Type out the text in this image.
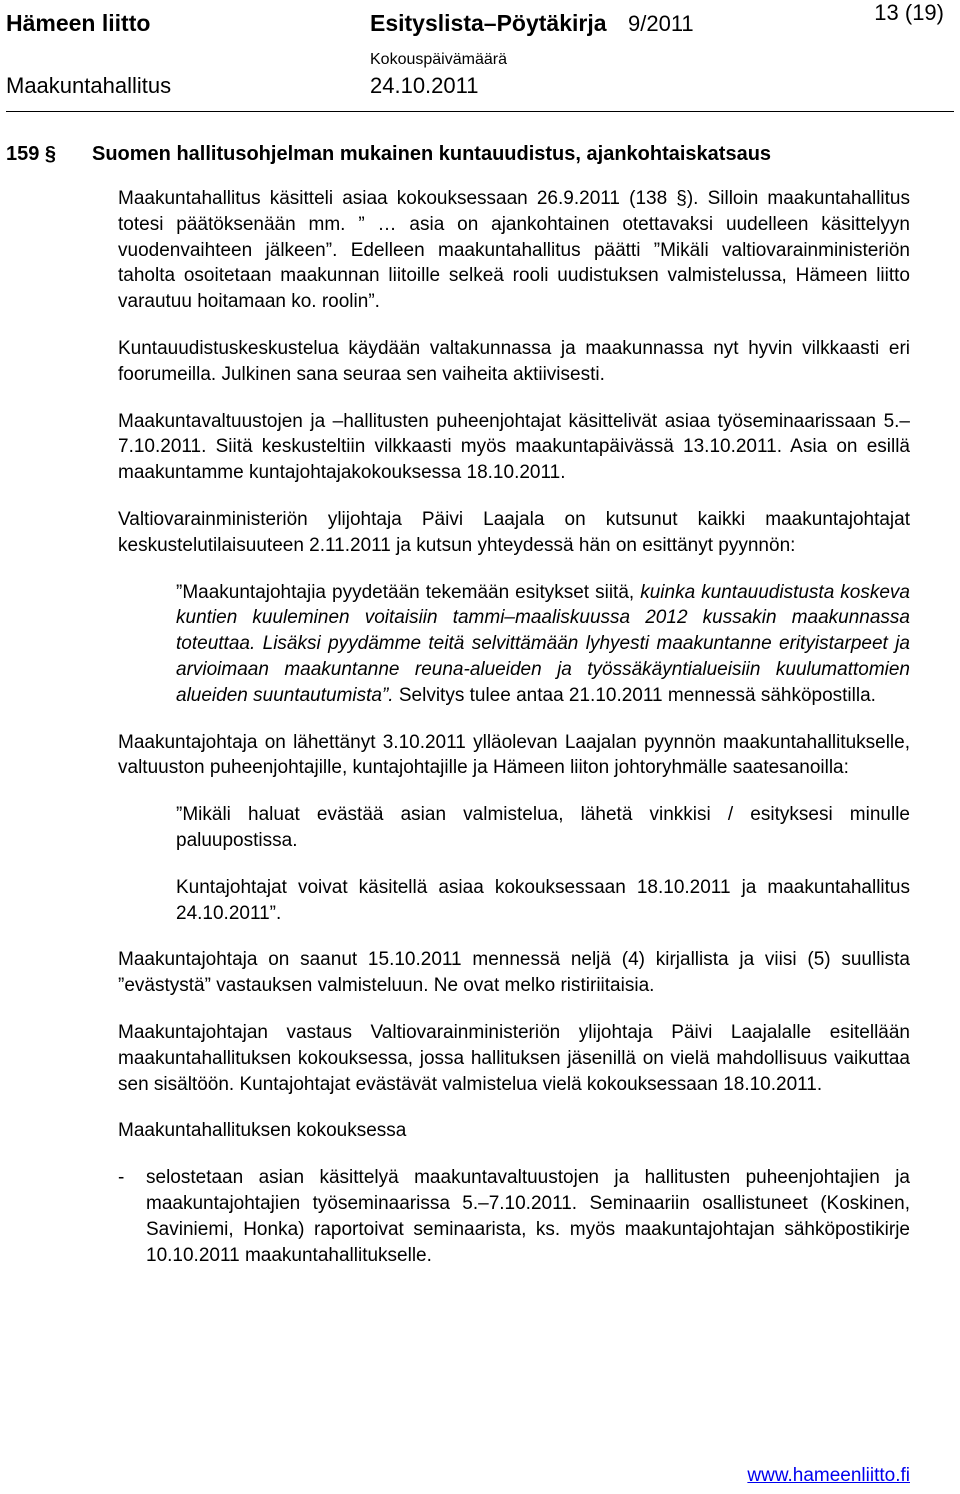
Hämeen liitto	Esityslista–Pöytäkirja 9/2011	13 (19)
Kokouspäivämäärä
Maakuntahallitus	24.10.2011
159 § Suomen hallitusohjelman mukainen kuntauudistus, ajankohtaiskatsaus

Maakuntahallitus käsitteli asiaa kokouksessaan 26.9.2011 (138 §). Silloin maakuntahallitus totesi päätöksenään mm. ” … asia on ajankohtainen otettavaksi uudelleen käsittelyyn vuodenvaihteen jälkeen”. Edelleen maakuntahallitus päätti ”Mikäli valtiovarainministeriön taholta osoitetaan maakunnan liitoille selkeä rooli uudistuksen valmistelussa, Hämeen liitto varautuu hoitamaan ko. roolin”.

Kuntauudistuskeskustelua käydään valtakunnassa ja maakunnassa nyt hyvin vilkkaasti eri foorumeilla. Julkinen sana seuraa sen vaiheita aktiivisesti.

Maakuntavaltuustojen ja –hallitusten puheenjohtajat käsittelivät asiaa työseminaarissaan 5.–7.10.2011. Siitä keskusteltiin vilkkaasti myös maakuntapäivässä 13.10.2011. Asia on esillä maakuntamme kuntajohtajakokouksessa 18.10.2011.

Valtiovarainministeriön ylijohtaja Päivi Laajala on kutsunut kaikki maakuntajohtajat keskustelutilaisuuteen 2.11.2011 ja kutsun yhteydessä hän on esittänyt pyynnön:

”Maakuntajohtajia pyydetään tekemään esitykset siitä, kuinka kuntauudistusta koskeva kuntien kuuleminen voitaisiin tammi–maaliskuussa 2012 kussakin maakunnassa toteuttaa. Lisäksi pyydämme teitä selvittämään lyhyesti maakuntanne erityistarpeet ja arvioimaan maakuntanne reuna-alueiden ja työssäkäyntialueisiin kuulumattomien alueiden suuntautumista”. Selvitys tulee antaa 21.10.2011 mennessä sähköpostilla.

Maakuntajohtaja on lähettänyt 3.10.2011 ylläolevan Laajalan pyynnön maakuntahallitukselle, valtuuston puheenjohtajille, kuntajohtajille ja Hämeen liiton johtoryhmälle saatesanoilla:

”Mikäli haluat evästää asian valmistelua, lähetä vinkkisi / esityksesi minulle paluupostissa.

Kuntajohtajat voivat käsitellä asiaa kokouksessaan 18.10.2011 ja maakuntahallitus 24.10.2011”.

Maakuntajohtaja on saanut 15.10.2011 mennessä neljä (4) kirjallista ja viisi (5) suullista ”evästystä” vastauksen valmisteluun. Ne ovat melko ristiriitaisia.

Maakuntajohtajan vastaus Valtiovarainministeriön ylijohtaja Päivi Laajalalle esitellään maakuntahallituksen kokouksessa, jossa hallituksen jäsenillä on vielä mahdollisuus vaikuttaa sen sisältöön. Kuntajohtajat evästävät valmistelua vielä kokouksessaan 18.10.2011.

Maakuntahallituksen kokouksessa

-	selostetaan asian käsittelyä maakuntavaltuustojen ja hallitusten puheenjohtajien ja maakuntajohtajien työseminaarissa 5.–7.10.2011. Seminaariin osallistuneet (Koskinen, Saviniemi, Honka) raportoivat seminaarista, ks. myös maakuntajohtajan sähköpostikirje 10.10.2011 maakuntahallitukselle.
www.hameenliitto.fi
